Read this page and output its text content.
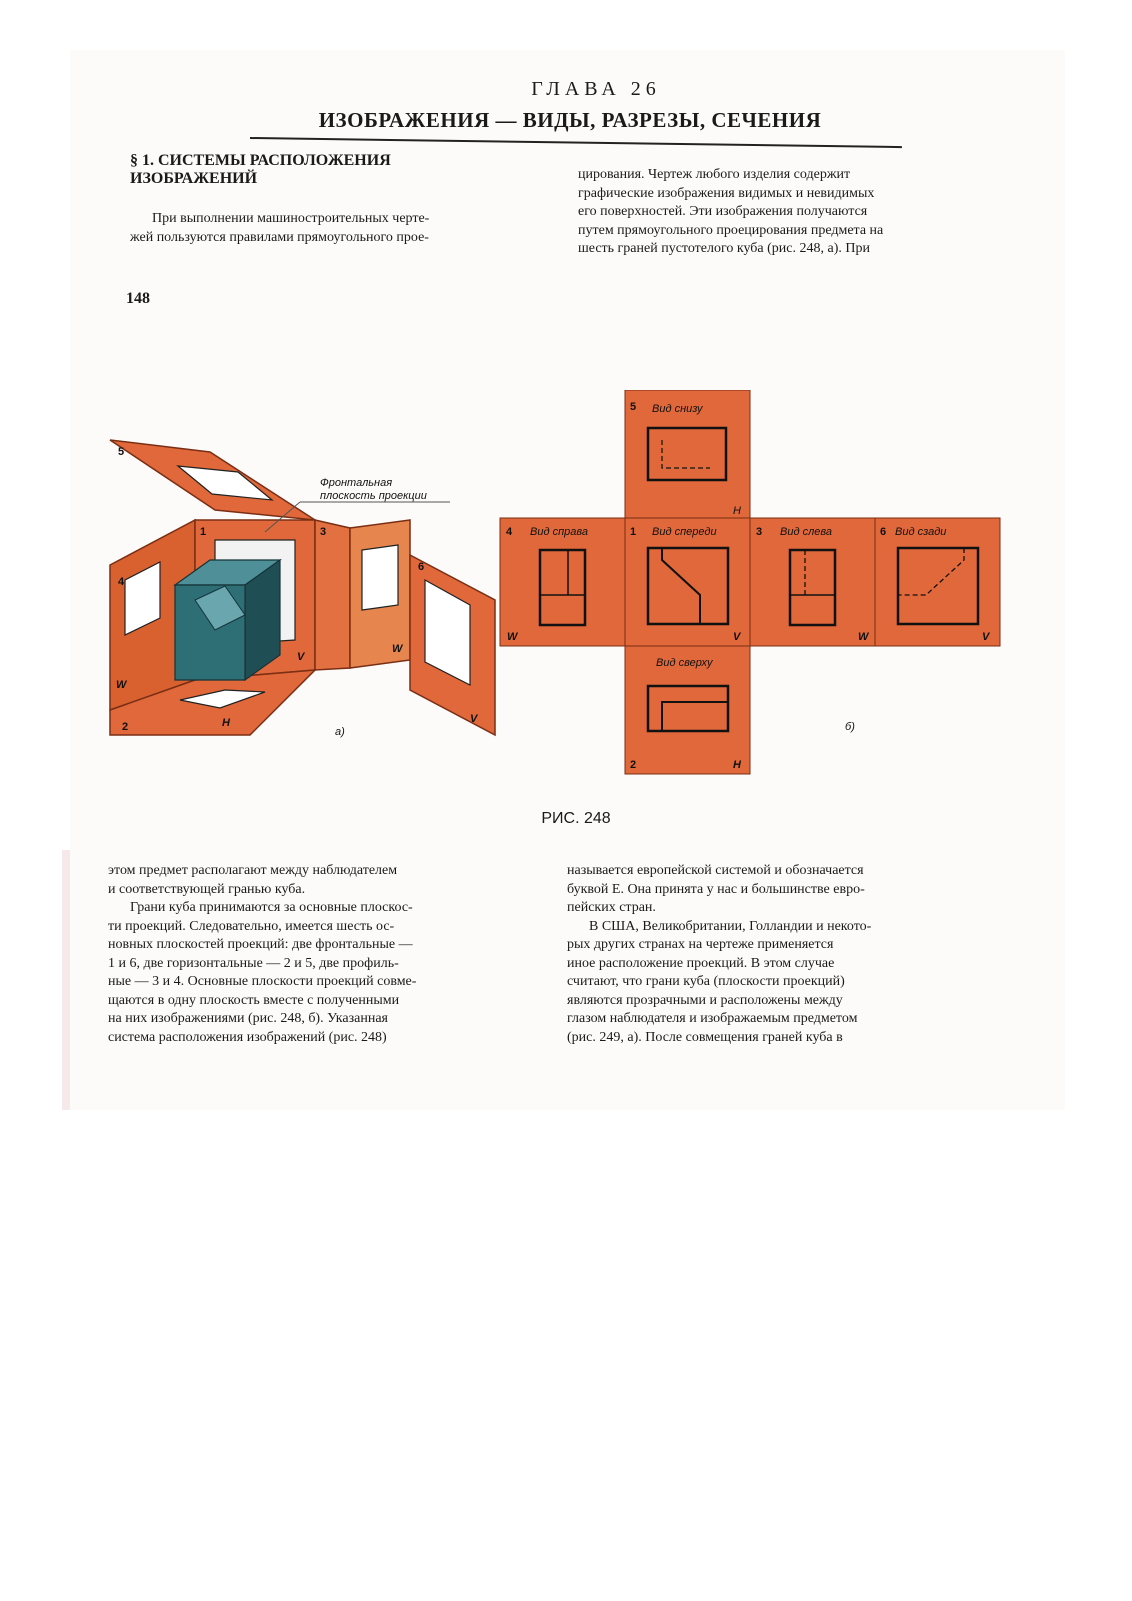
ГЛАВА 26
ИЗОБРАЖЕНИЯ — ВИДЫ, РАЗРЕЗЫ, СЕЧЕНИЯ
§ 1. СИСТЕМЫ РАСПОЛОЖЕНИЯ
ИЗОБРАЖЕНИЙ

При выполнении машиностроительных черте-

жей пользуются правилами прямоугольного прое-

цирования. Чертеж любого изделия содержит

графические изображения видимых и невидимых

его поверхностей. Эти изображения получаются

путем прямоугольного проецирования предмета на

шесть граней пустотелого куба (рис. 248, а). При

148
Фронтальная
плоскость проекции
5
1	3
6
4
2
V
W
W
H	V
а)
5 Вид снизу
H
4 Вид справа
W
1 Вид спереди
V
3 Вид слева
W
6 Вид сзади
V
Вид сверху
2	H
б)
РИС. 248

этом предмет располагают между наблюдателем

и соответствующей гранью куба.

Грани куба принимаются за основные плоскос-

ти проекций. Следовательно, имеется шесть ос-

новных плоскостей проекций: две фронтальные —

1 и 6, две горизонтальные — 2 и 5, две профиль-

ные — 3 и 4. Основные плоскости проекций совме-

щаются в одну плоскость вместе с полученными

на них изображениями (рис. 248, б). Указанная

система расположения изображений (рис. 248)

называется европейской системой и обозначается

буквой Е. Она принята у нас и большинстве евро-

пейских стран.

В США, Великобритании, Голландии и некото-

рых других странах на чертеже применяется

иное расположение проекций. В этом случае

считают, что грани куба (плоскости проекций)

являются прозрачными и расположены между

глазом наблюдателя и изображаемым предметом

(рис. 249, а). После совмещения граней куба в
